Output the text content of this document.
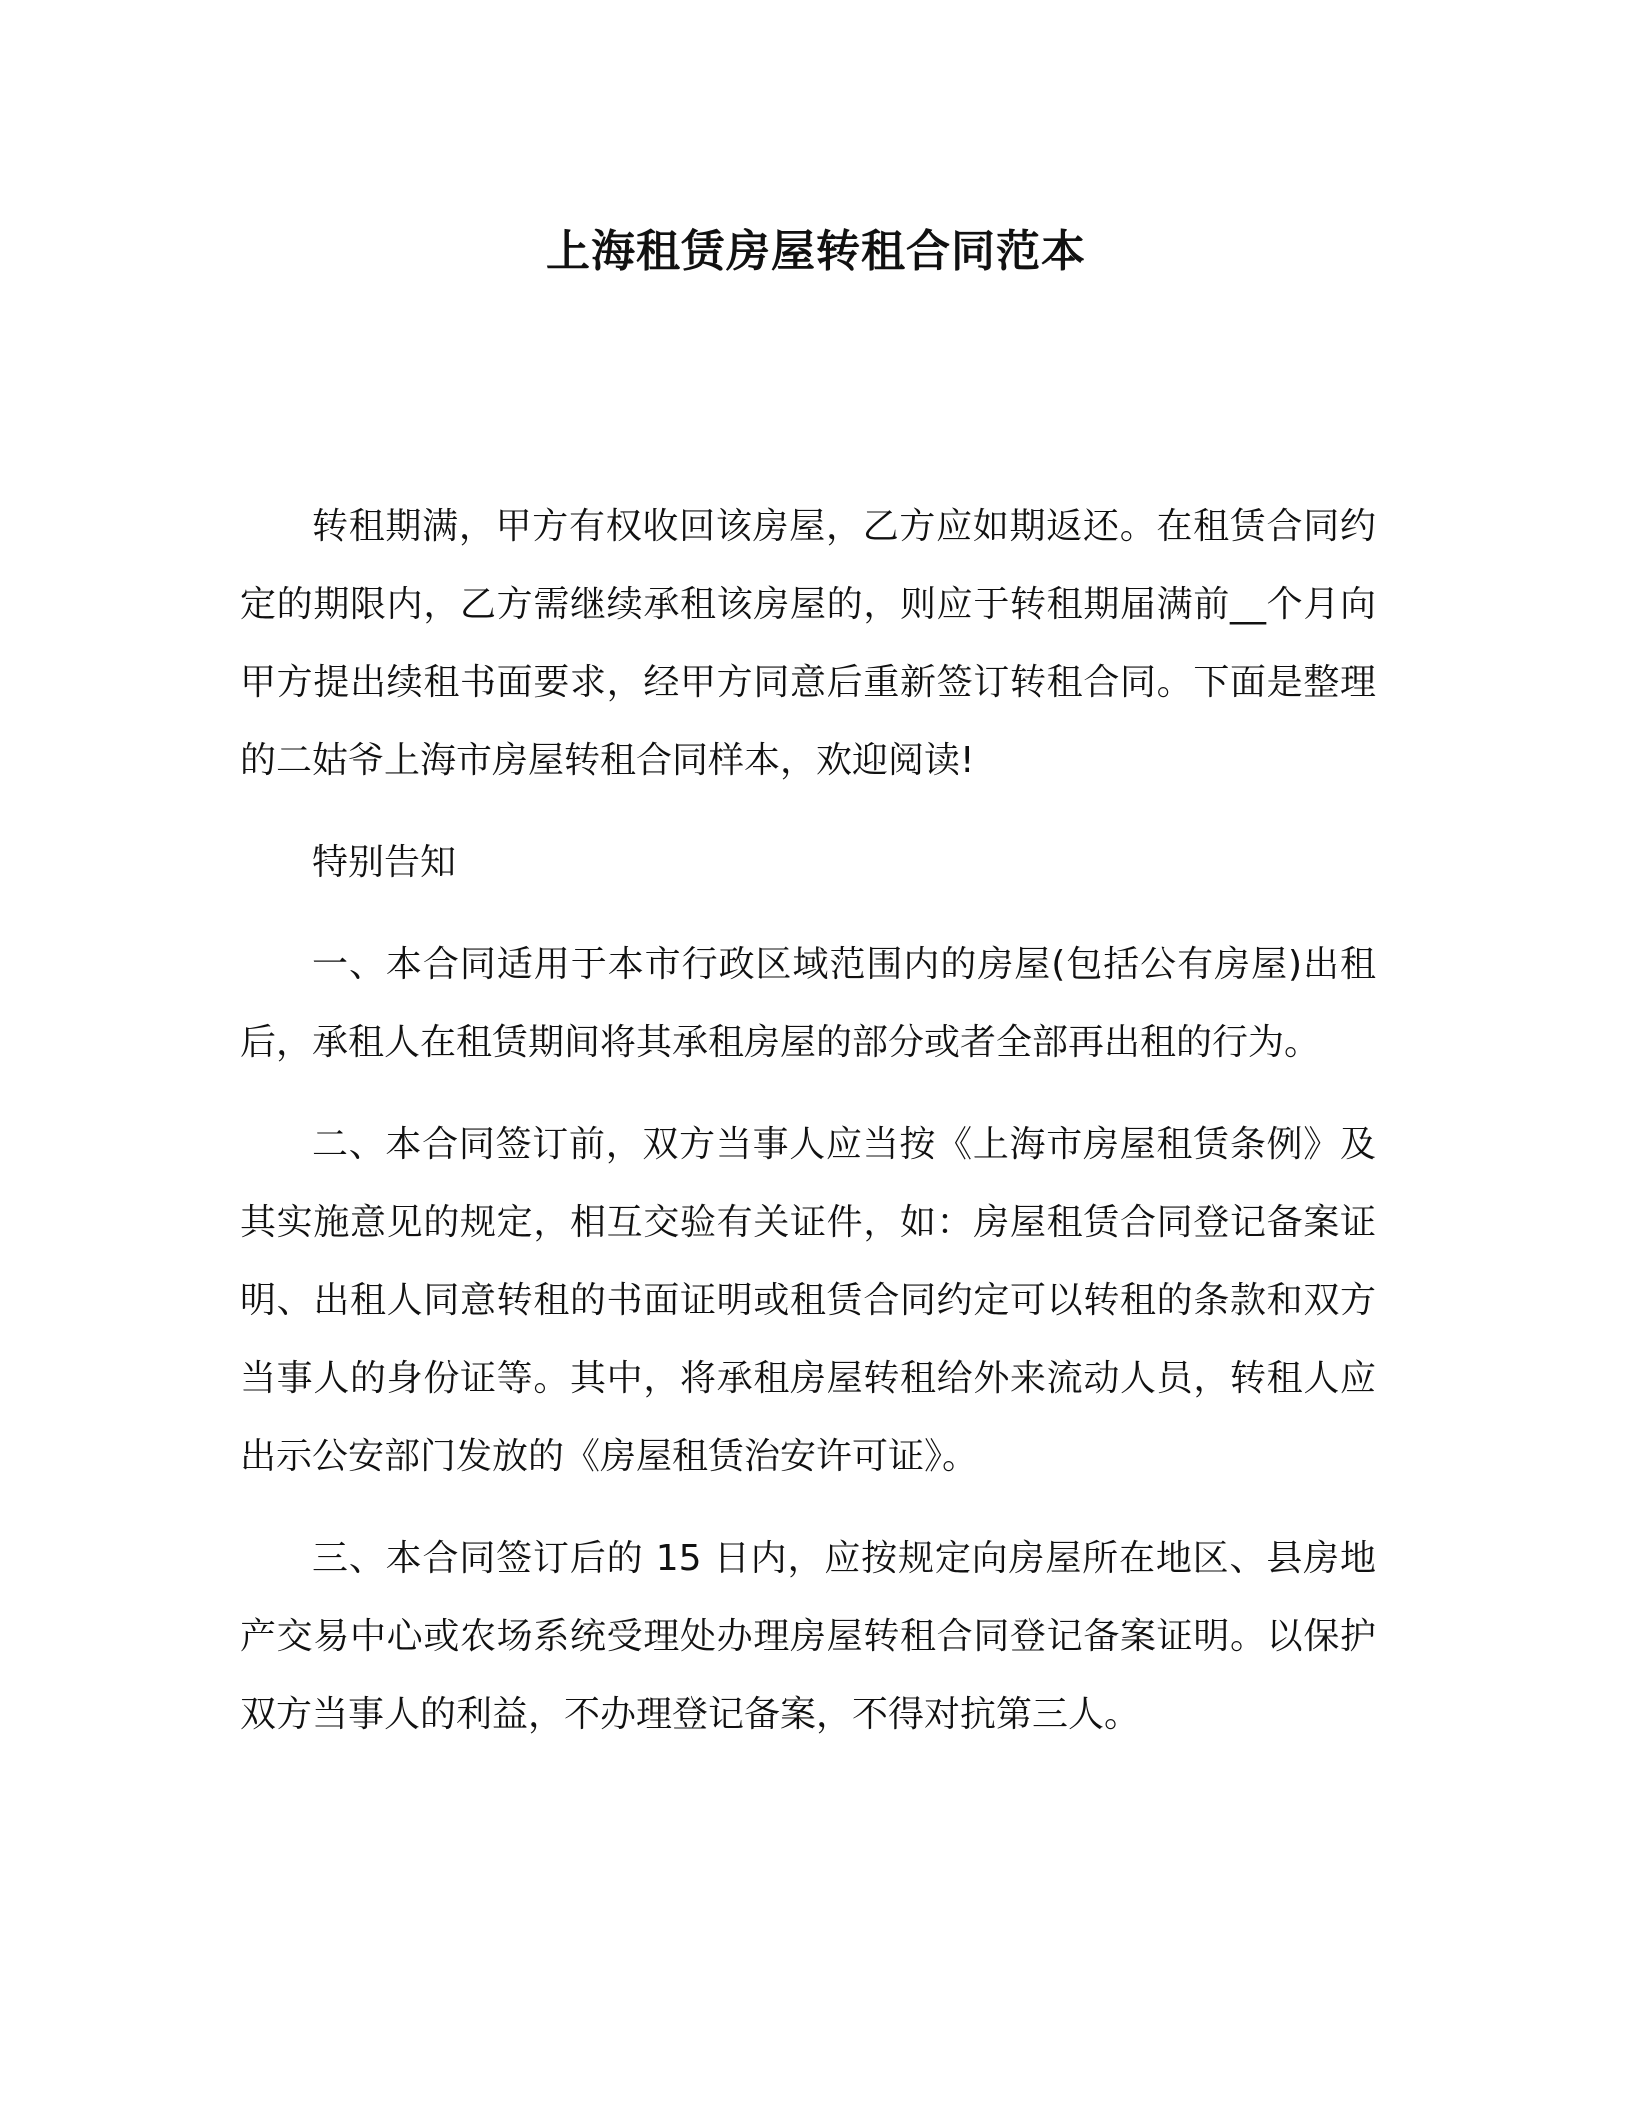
上海租赁房屋转租合同范本

转租期满，甲方有权收回该房屋，乙方应如期返还。在租赁合同约定的期限内，乙方需继续承租该房屋的，则应于转租期届满前__个月向甲方提出续租书面要求，经甲方同意后重新签订转租合同。下面是整理的二姑爷上海市房屋转租合同样本，欢迎阅读!

特别告知

一、本合同适用于本市行政区域范围内的房屋(包括公有房屋)出租后，承租人在租赁期间将其承租房屋的部分或者全部再出租的行为。

二、本合同签订前，双方当事人应当按《上海市房屋租赁条例》及其实施意见的规定，相互交验有关证件，如：房屋租赁合同登记备案证明、出租人同意转租的书面证明或租赁合同约定可以转租的条款和双方当事人的身份证等。其中，将承租房屋转租给外来流动人员，转租人应出示公安部门发放的《房屋租赁治安许可证》。

三、本合同签订后的 15 日内，应按规定向房屋所在地区、县房地产交易中心或农场系统受理处办理房屋转租合同登记备案证明。以保护双方当事人的利益，不办理登记备案，不得对抗第三人。
